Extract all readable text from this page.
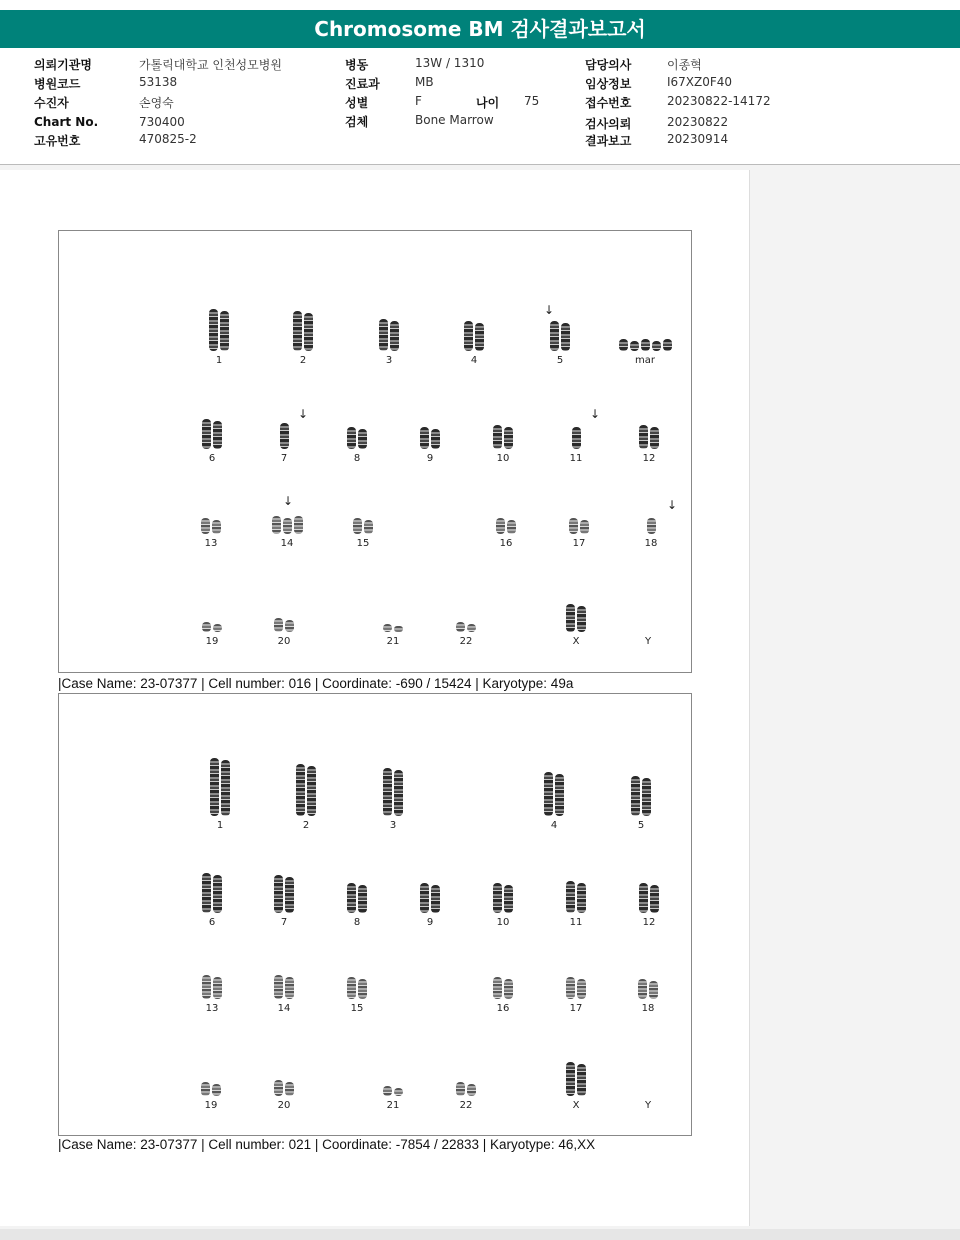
Chromosome BM 검사결과보고서
의뢰기관명	가톨릭대학교 인천성모병원
병원코드	53138
수진자	손영숙
Chart No.	730400
고유번호	470825-2
병동	13W / 1310
진료과	MB
성별	F	나이 75
검체	Bone Marrow
담당의사	이종혁
임상정보	I67XZ0F40
접수번호	20230822-14172
검사의뢰	20230822
결과보고	20230914
1	2	3	4	5
↓
mar
6	7
↓
8	9	10	11
↓
12
13	14
↓
15	16	17	18
↓
19	20	21	22	X	Y
|Case Name: 23-07377 | Cell number: 016 | Coordinate: -690 / 15424 | Karyotype: 49a
1	2	3	4	5
6	7	8	9	10	11	12
13	14	15	16	17	18
19	20	21	22	X	Y
|Case Name: 23-07377 | Cell number: 021 | Coordinate: -7854 / 22833 | Karyotype: 46,XX
